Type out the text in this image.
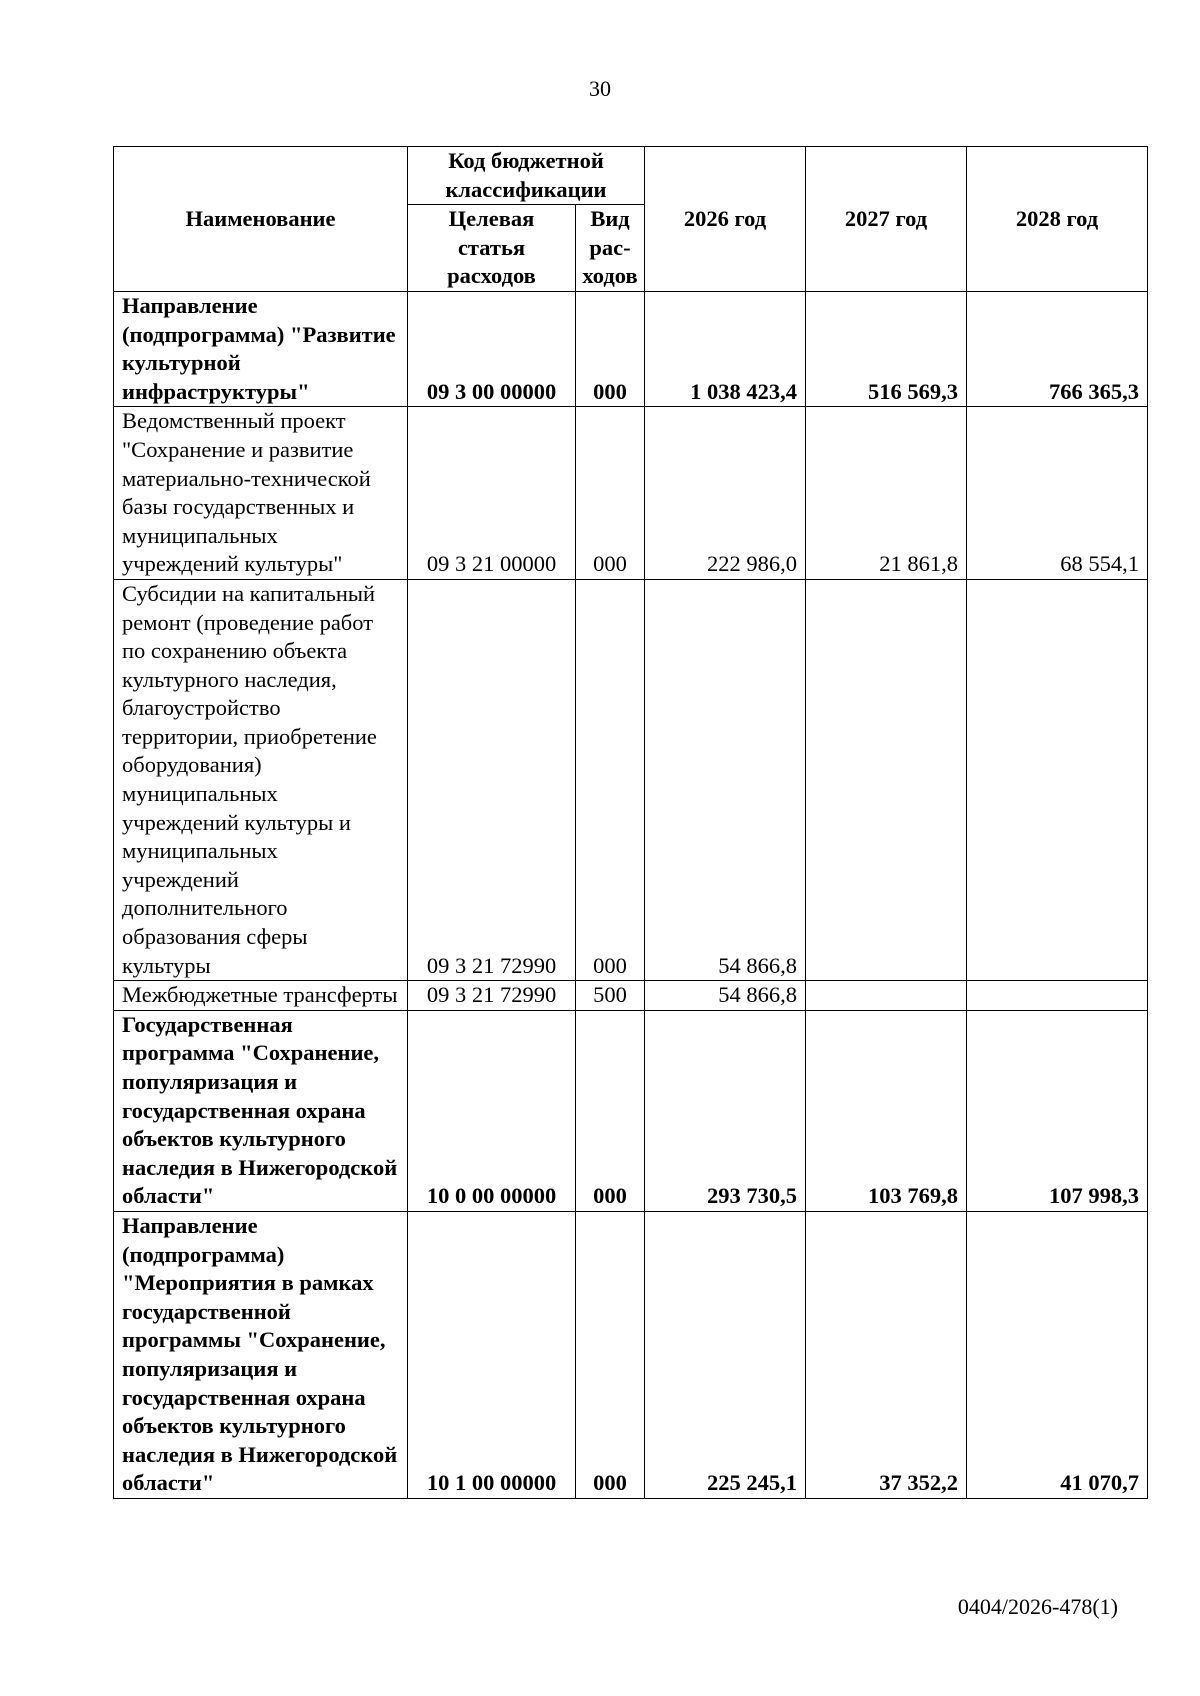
30
Наименование	Код бюджетной классификации		2026 год	2027 год	2028 год
	Целевая статья расходов	Вид рас-ходов			
Направление (подпрограмма) "Развитие культурной инфраструктуры"	09 3 00 00000	000	1 038 423,4	516 569,3	766 365,3
Ведомственный проект "Сохранение и развитие материально-технической базы государственных и муниципальных учреждений культуры"	09 3 21 00000	000	222 986,0	21 861,8	68 554,1
Субсидии на капитальный ремонт (проведение работ по сохранению объекта культурного наследия, благоустройство территории, приобретение оборудования) муниципальных учреждений культуры и муниципальных учреждений дополнительного образования сферы культуры	09 3 21 72990	000	54 866,8		
Межбюджетные трансферты	09 3 21 72990	500	54 866,8		
Государственная программа "Сохранение, популяризация и государственная охрана объектов культурного наследия в Нижегородской области"	10 0 00 00000	000	293 730,5	103 769,8	107 998,3
Направление (подпрограмма) "Мероприятия в рамках государственной программы "Сохранение, популяризация и государственная охрана объектов культурного наследия в Нижегородской области"	10 1 00 00000	000	225 245,1	37 352,2	41 070,7
0404/2026-478(1)
